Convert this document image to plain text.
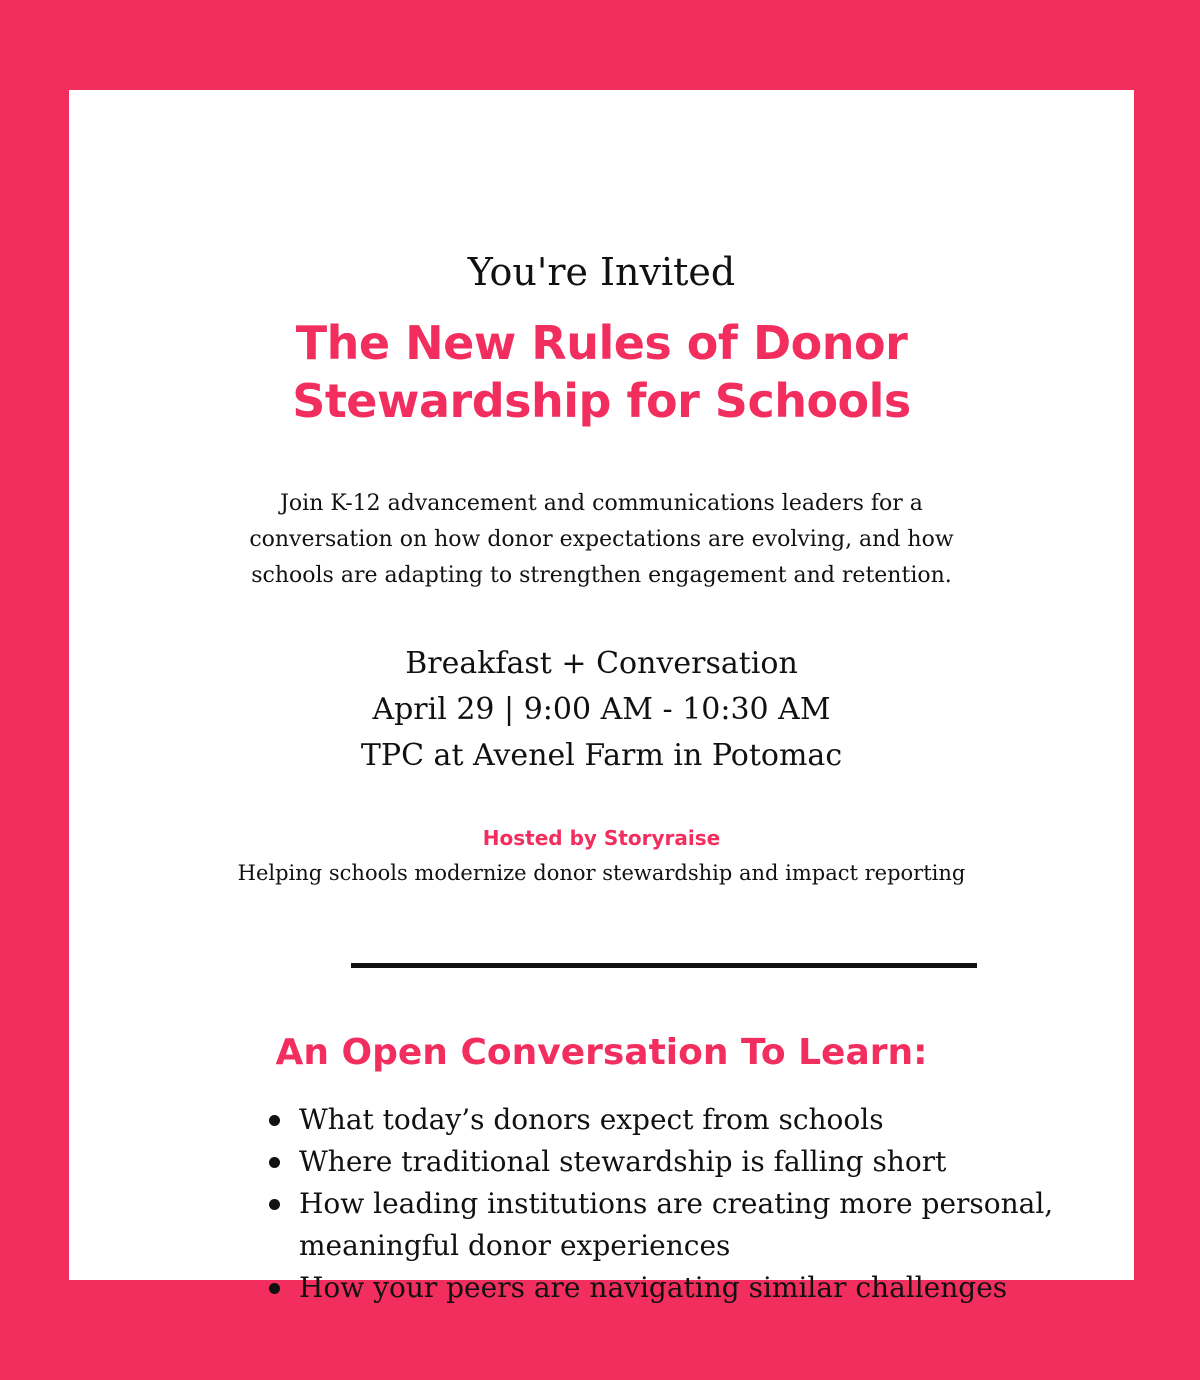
You're Invited
The New Rules of Donor
Stewardship for Schools
Join K-12 advancement and communications leaders for a
conversation on how donor expectations are evolving, and how
schools are adapting to strengthen engagement and retention.
Breakfast + Conversation
April 29 | 9:00 AM - 10:30 AM
TPC at Avenel Farm in Potomac
Hosted by Storyraise
Helping schools modernize donor stewardship and impact reporting
An Open Conversation To Learn:
What today’s donors expect from schools
Where traditional stewardship is falling short
How leading institutions are creating more personal,
meaningful donor experiences
How your peers are navigating similar challenges
